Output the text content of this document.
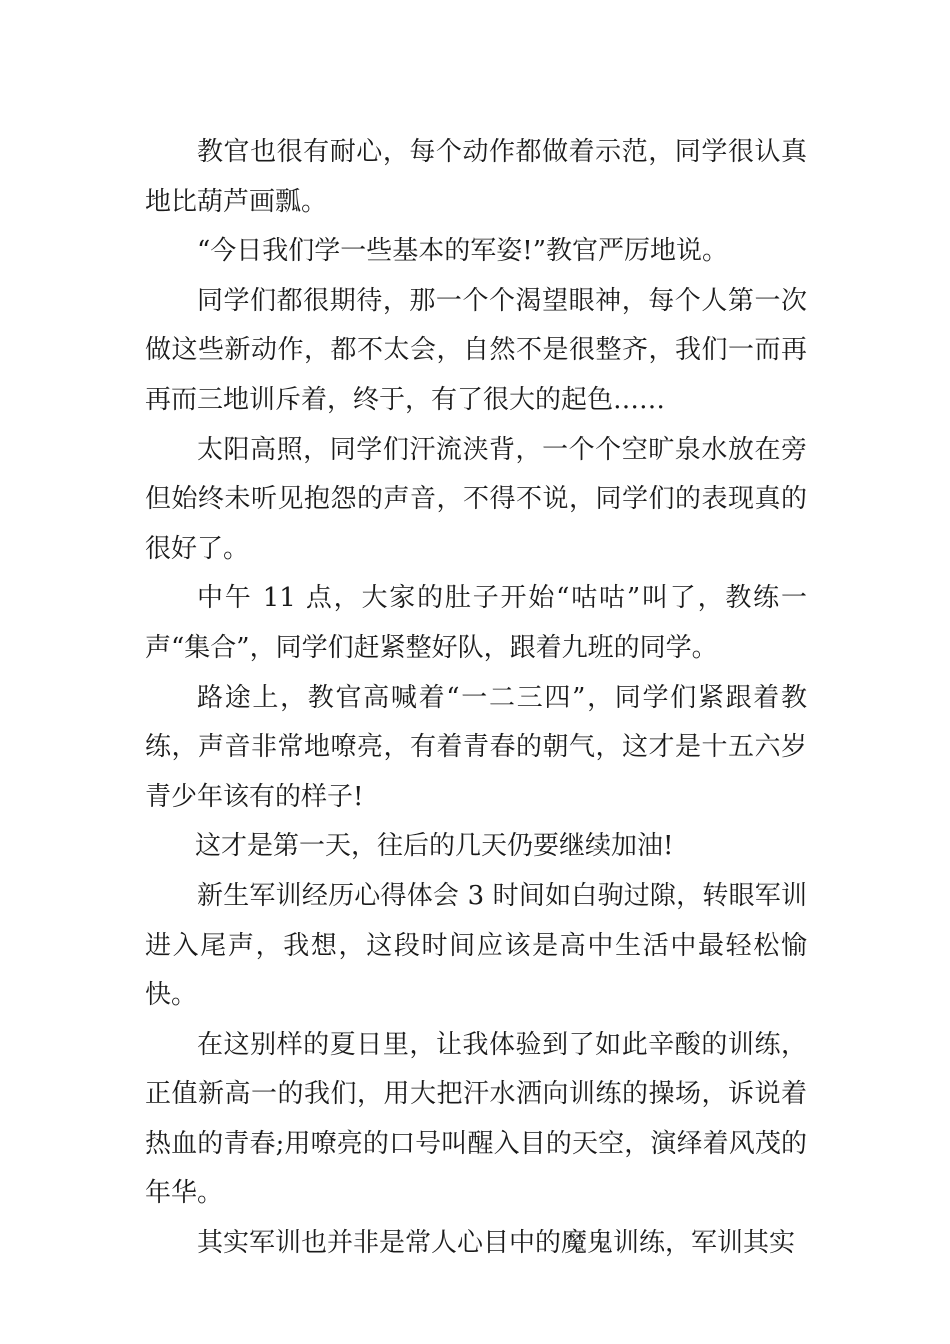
教官也很有耐心，每个动作都做着示范，同学很认真地比葫芦画瓢。

“今日我们学一些基本的军姿!”教官严厉地说。

同学们都很期待，那一个个渴望眼神，每个人第一次做这些新动作，都不太会，自然不是很整齐，我们一而再再而三地训斥着，终于，有了很大的起色……

太阳高照，同学们汗流浃背，一个个空旷泉水放在旁但始终未听见抱怨的声音，不得不说，同学们的表现真的很好了。

中午 11 点，大家的肚子开始“咕咕”叫了，教练一声“集合”，同学们赶紧整好队，跟着九班的同学。

路途上，教官高喊着“一二三四”，同学们紧跟着教练，声音非常地嘹亮，有着青春的朝气，这才是十五六岁青少年该有的样子!

这才是第一天，往后的几天仍要继续加油!

新生军训经历心得体会 3 时间如白驹过隙，转眼军训进入尾声，我想，这段时间应该是高中生活中最轻松愉快。

在这别样的夏日里，让我体验到了如此辛酸的训练，正值新高一的我们，用大把汗水洒向训练的操场，诉说着热血的青春;用嘹亮的口号叫醒入目的天空，演绎着风茂的年华。

其实军训也并非是常人心目中的魔鬼训练，军训其实
